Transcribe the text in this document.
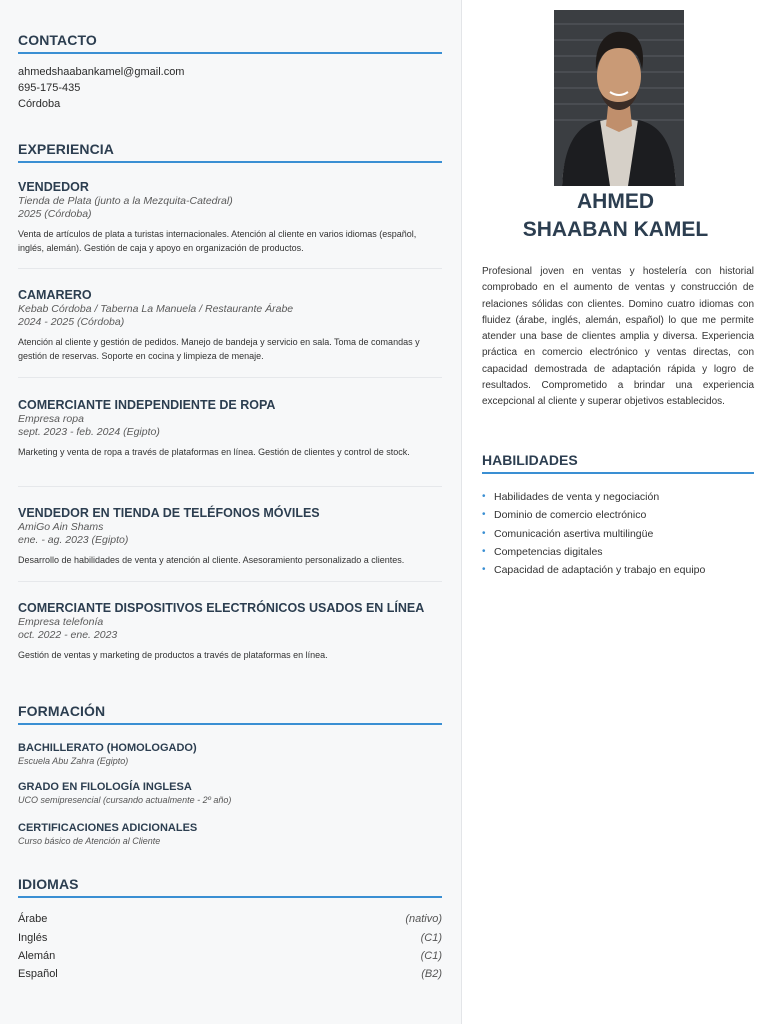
CONTACTO
ahmedshaabankamel@gmail.com
695-175-435
Córdoba
EXPERIENCIA
VENDEDOR
Tienda de Plata (junto a la Mezquita-Catedral)
2025 (Córdoba)
Venta de artículos de plata a turistas internacionales. Atención al cliente en varios idiomas (español, inglés, alemán). Gestión de caja y apoyo en organización de productos.
CAMARERO
Kebab Córdoba / Taberna La Manuela / Restaurante Árabe
2024 - 2025 (Córdoba)
Atención al cliente y gestión de pedidos. Manejo de bandeja y servicio en sala. Toma de comandas y gestión de reservas. Soporte en cocina y limpieza de menaje.
COMERCIANTE INDEPENDIENTE DE ROPA
Empresa ropa
sept. 2023 - feb. 2024 (Egipto)
Marketing y venta de ropa a través de plataformas en línea. Gestión de clientes y control de stock.
VENDEDOR EN TIENDA DE TELÉFONOS MÓVILES
AmiGo Ain Shams
ene. - ag. 2023 (Egipto)
Desarrollo de habilidades de venta y atención al cliente. Asesoramiento personalizado a clientes.
COMERCIANTE DISPOSITIVOS ELECTRÓNICOS USADOS EN LÍNEA
Empresa telefonía
oct. 2022 - ene. 2023
Gestión de ventas y marketing de productos a través de plataformas en línea.
FORMACIÓN
BACHILLERATO (HOMOLOGADO)
Escuela Abu Zahra (Egipto)
GRADO EN FILOLOGÍA INGLESA
UCO semipresencial (cursando actualmente - 2º año)
CERTIFICACIONES ADICIONALES
Curso básico de Atención al Cliente
IDIOMAS
Árabe	(nativo)
Inglés	(C1)
Alemán	(C1)
Español	(B2)
AHMED
SHAABAN KAMEL
Profesional joven en ventas y hostelería con historial comprobado en el aumento de ventas y construcción de relaciones sólidas con clientes. Domino cuatro idiomas con fluidez (árabe, inglés, alemán, español) lo que me permite atender una base de clientes amplia y diversa. Experiencia práctica en comercio electrónico y ventas directas, con capacidad demostrada de adaptación rápida y logro de resultados. Comprometido a brindar una experiencia excepcional al cliente y superar objetivos establecidos.
HABILIDADES
• Habilidades de venta y negociación
• Dominio de comercio electrónico
• Comunicación asertiva multilingüe
• Competencias digitales
• Capacidad de adaptación y trabajo en equipo
